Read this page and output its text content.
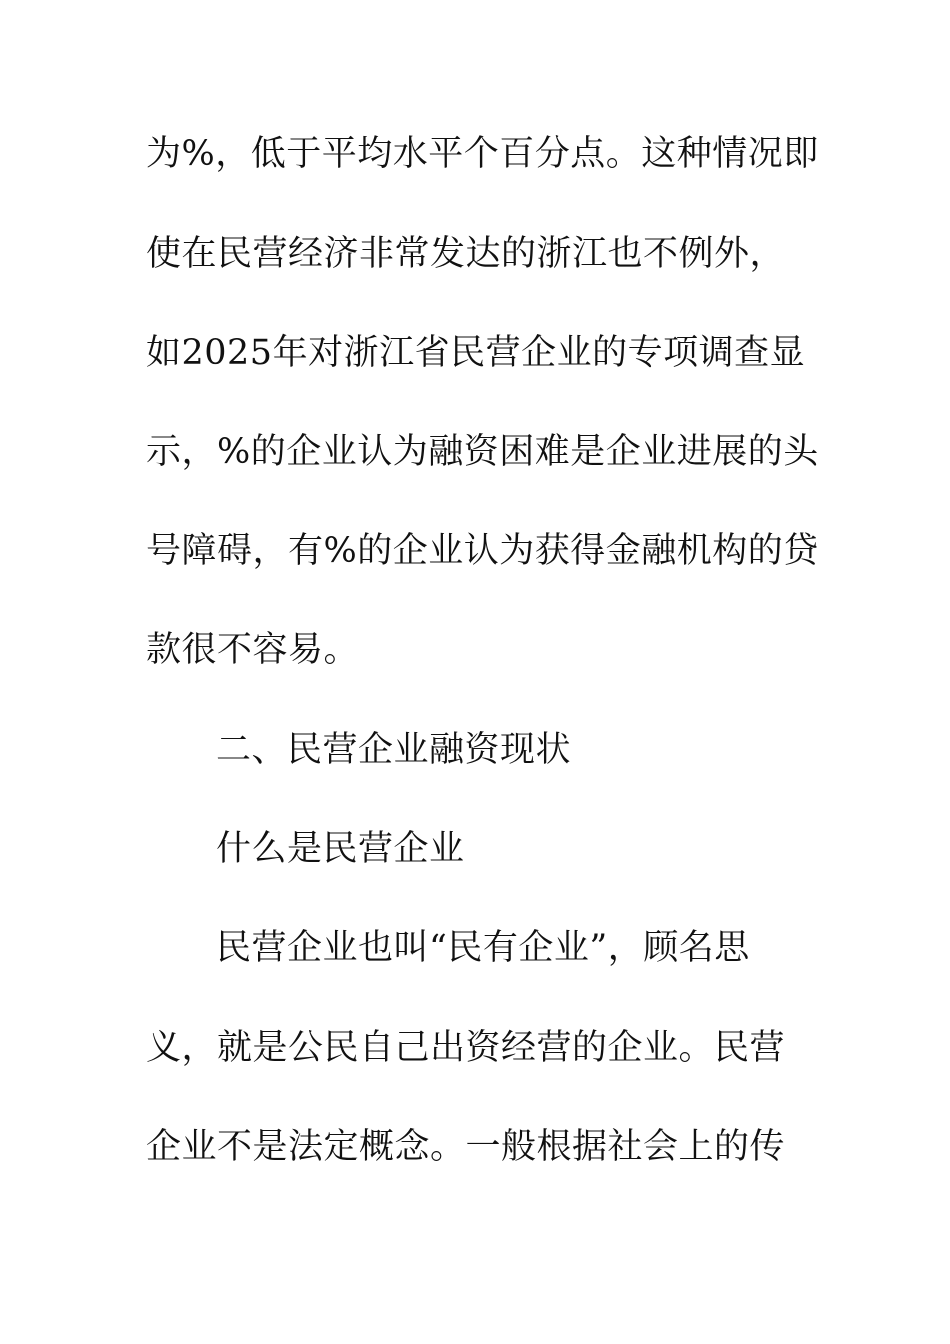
为%，低于平均水平个百分点。这种情况即
使在民营经济非常发达的浙江也不例外，
如2025年对浙江省民营企业的专项调查显
示，%的企业认为融资困难是企业进展的头
号障碍，有%的企业认为获得金融机构的贷
款很不容易。
二、民营企业融资现状
什么是民营企业
民营企业也叫“民有企业”，顾名思
义，就是公民自己出资经营的企业。民营
企业不是法定概念。一般根据社会上的传
